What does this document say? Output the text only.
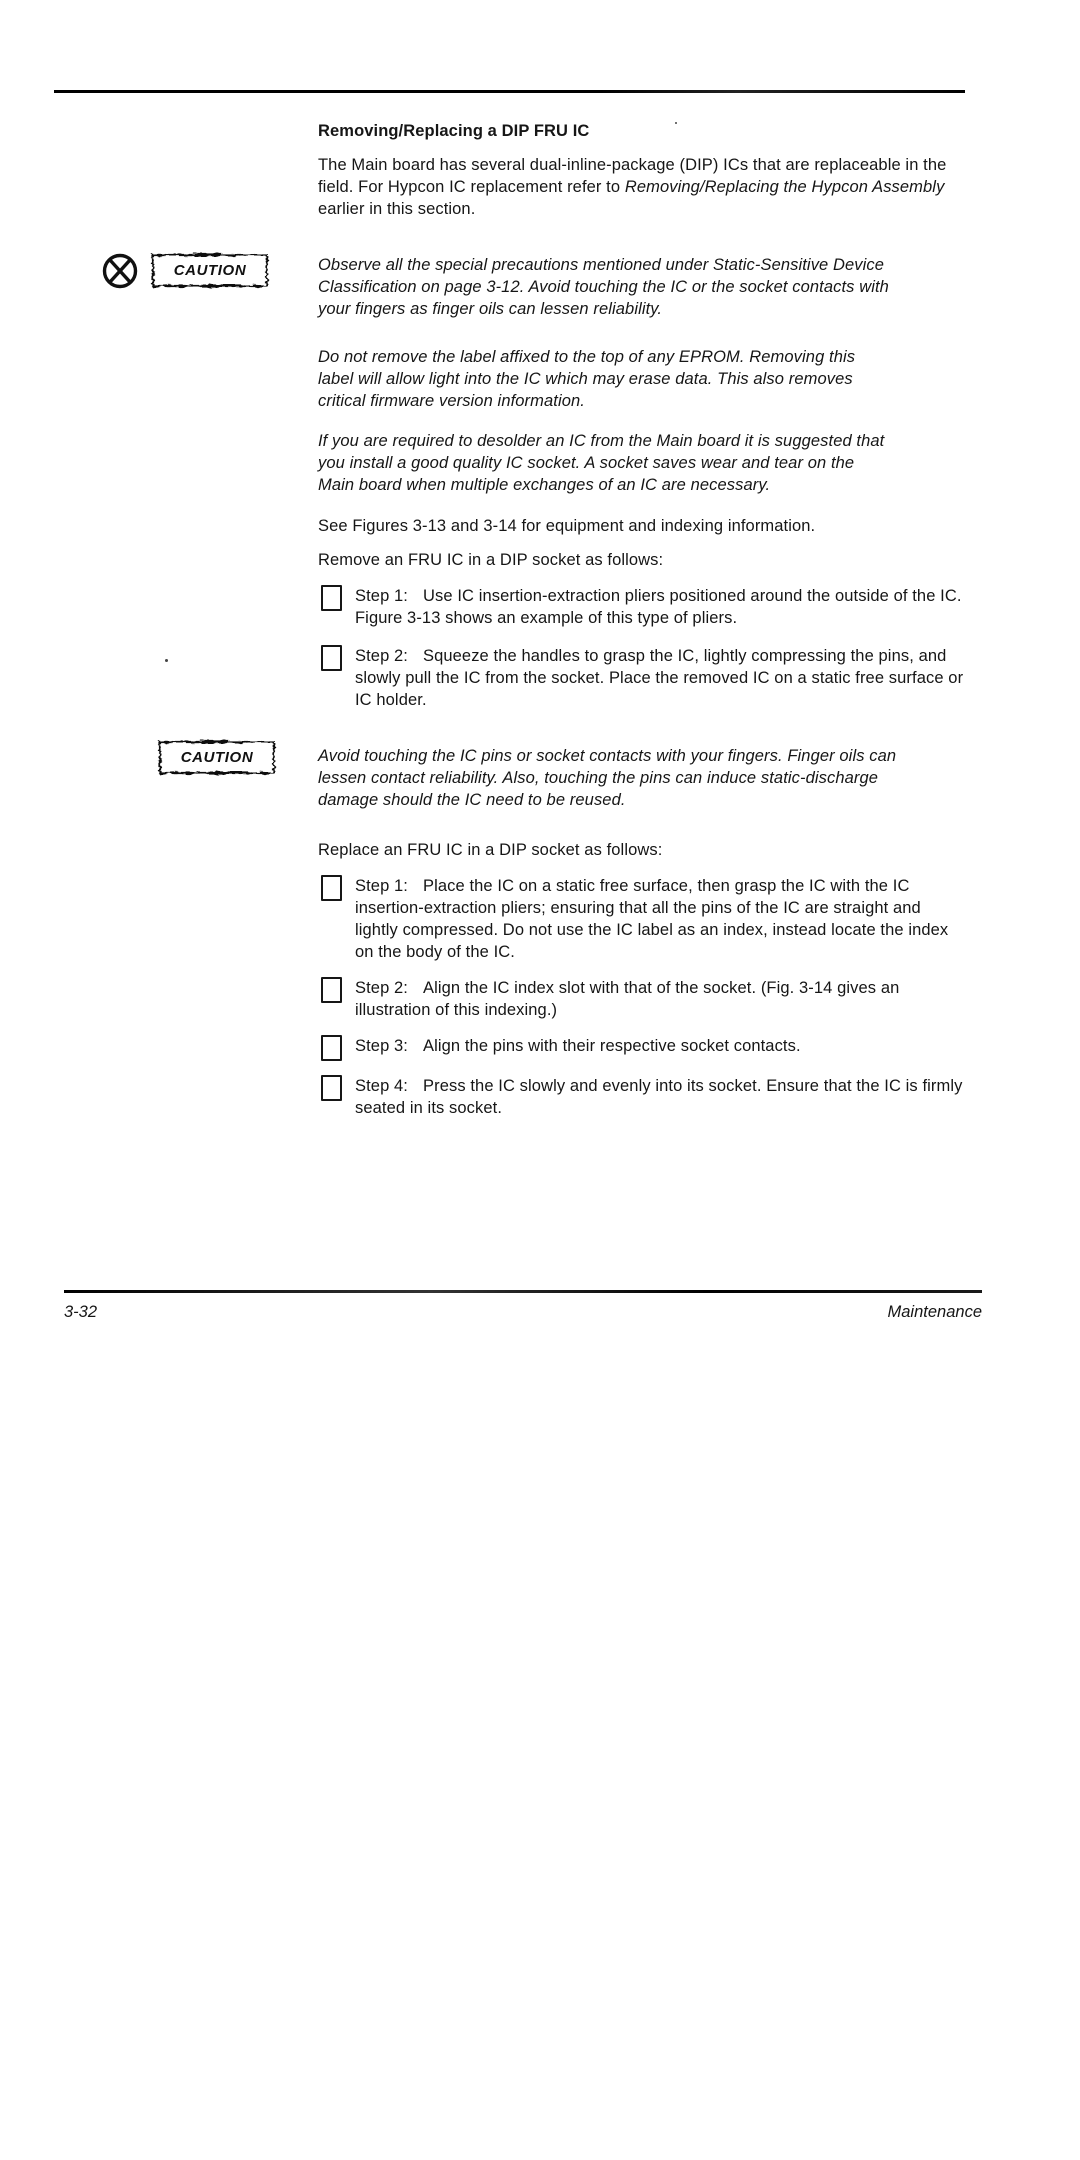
Removing/Replacing a DIP FRU IC

The Main board has several dual-inline-package (DIP) ICs that are replaceable in the field. For Hypcon IC replacement refer to Removing/Replacing the Hypcon Assembly earlier in this section.

Observe all the special precautions mentioned under Static-Sensitive Device Classification on page 3-12. Avoid touching the IC or the socket contacts with your fingers as finger oils can lessen reliability.

Do not remove the label affixed to the top of any EPROM. Removing this label will allow light into the IC which may erase data. This also removes critical firmware version information.

If you are required to desolder an IC from the Main board it is suggested that you install a good quality IC socket. A socket saves wear and tear on the Main board when multiple exchanges of an IC are necessary.

See Figures 3-13 and 3-14 for equipment and indexing information.

Remove an FRU IC in a DIP socket as follows:

Step 1: Use IC insertion-extraction pliers positioned around the outside of the IC. Figure 3-13 shows an example of this type of pliers.

Step 2: Squeeze the handles to grasp the IC, lightly compressing the pins, and slowly pull the IC from the socket. Place the removed IC on a static free surface or IC holder.

Avoid touching the IC pins or socket contacts with your fingers. Finger oils can lessen contact reliability. Also, touching the pins can induce static-discharge damage should the IC need to be reused.

Replace an FRU IC in a DIP socket as follows:

Step 1: Place the IC on a static free surface, then grasp the IC with the IC insertion-extraction pliers; ensuring that all the pins of the IC are straight and lightly compressed. Do not use the IC label as an index, instead locate the index on the body of the IC.

Step 2: Align the IC index slot with that of the socket. (Fig. 3-14 gives an illustration of this indexing.)

Step 3: Align the pins with their respective socket contacts.

Step 4: Press the IC slowly and evenly into its socket. Ensure that the IC is firmly seated in its socket.

CAUTION
CAUTION
3-32	Maintenance
